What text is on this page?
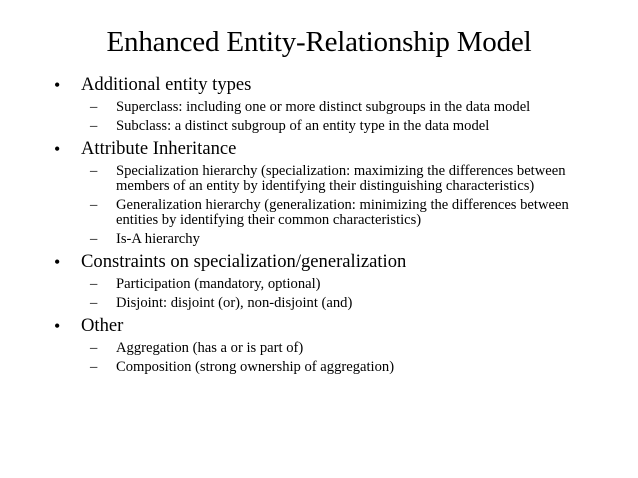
Enhanced Entity-Relationship Model
• Additional entity types
– Superclass: including one or more distinct subgroups in the data model
– Subclass: a distinct subgroup of an entity type in the data model
• Attribute Inheritance
– Specialization hierarchy (specialization: maximizing the differences between members of an entity by identifying their distinguishing characteristics)
– Generalization hierarchy (generalization: minimizing the differences between entities by identifying their common characteristics)
– Is-A hierarchy
• Constraints on specialization/generalization
– Participation (mandatory, optional)
– Disjoint: disjoint (or), non-disjoint (and)
• Other
– Aggregation (has a or is part of)
– Composition (strong ownership of aggregation)
